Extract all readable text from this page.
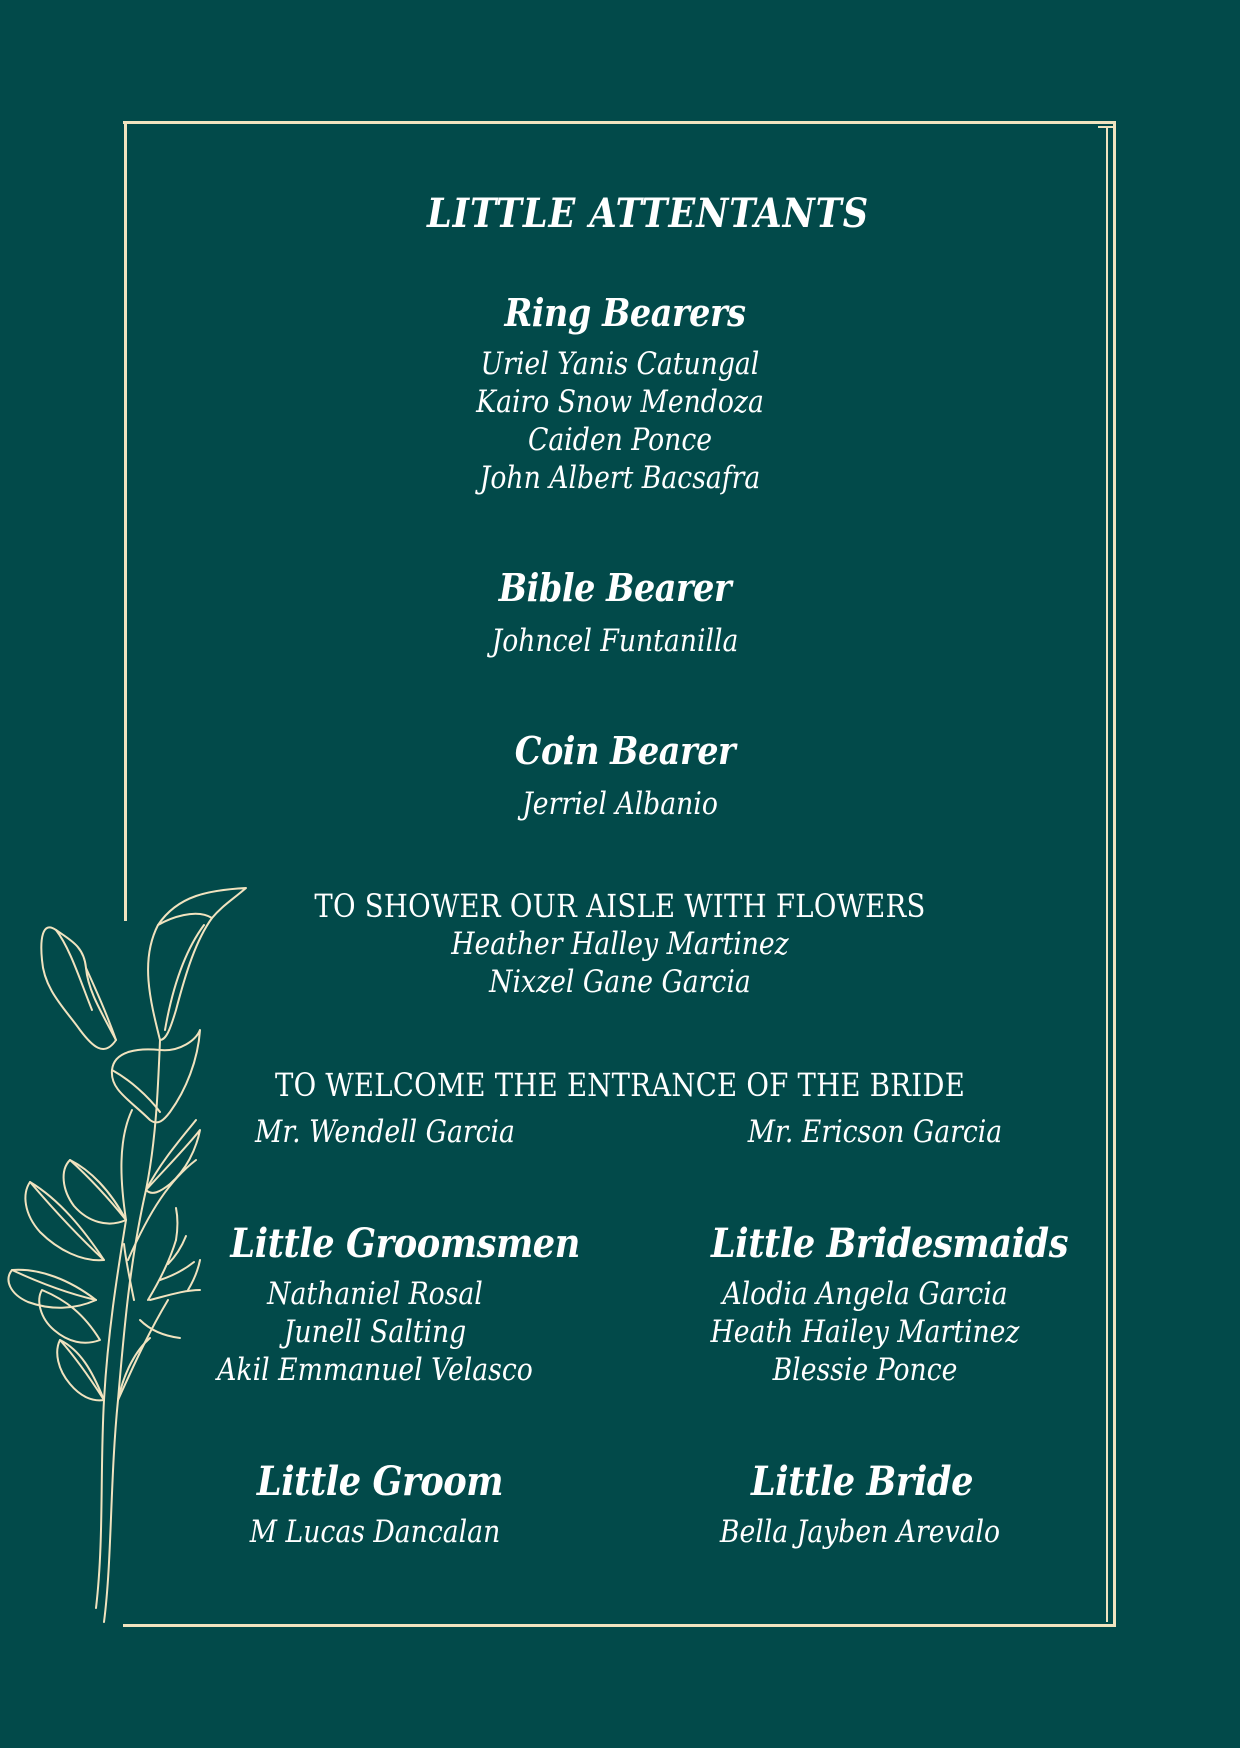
LITTLE ATTENTANTS
Ring Bearers
Uriel Yanis Catungal
Kairo Snow Mendoza
Caiden Ponce
John Albert Bacsafra
Bible Bearer
Johncel Funtanilla
Coin Bearer
Jerriel Albanio
TO SHOWER OUR AISLE WITH FLOWERS
Heather Halley Martinez
Nixzel Gane Garcia
TO WELCOME THE ENTRANCE OF THE BRIDE
Mr. Wendell Garcia	Mr. Ericson Garcia
Little Groomsmen
Nathaniel Rosal
Junell Salting
Akil Emmanuel Velasco
Little Bridesmaids
Alodia Angela Garcia
Heath Hailey Martinez
Blessie Ponce
Little Groom
M Lucas Dancalan
Little Bride
Bella Jayben Arevalo
